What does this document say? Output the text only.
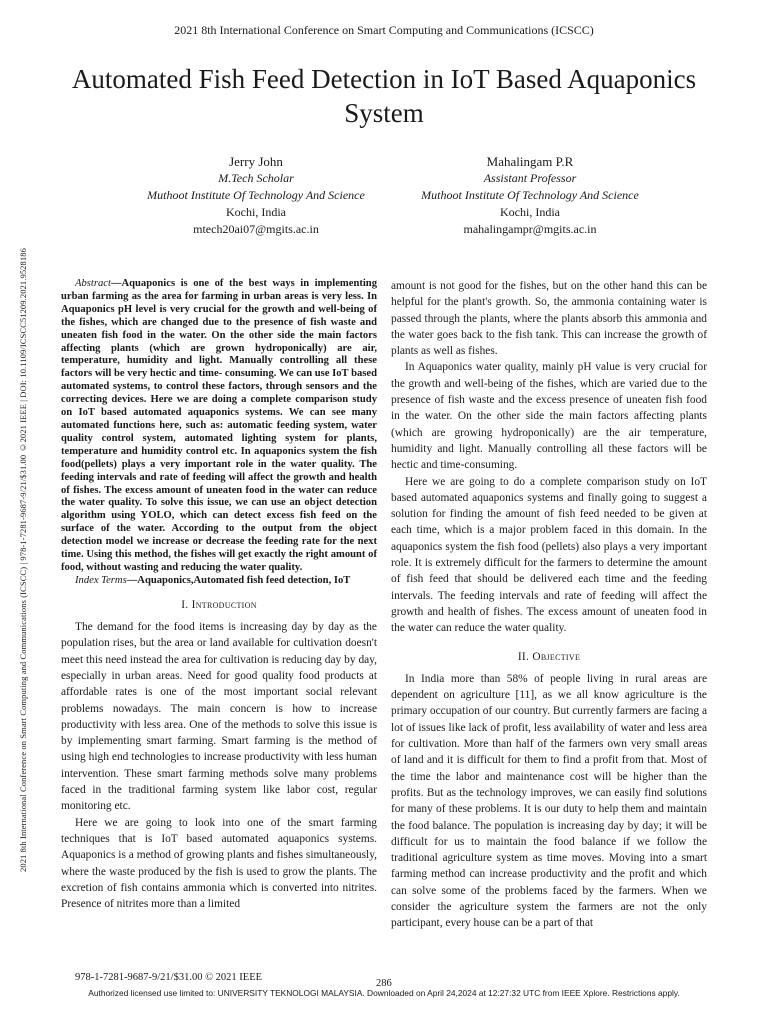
2021 8th International Conference on Smart Computing and Communications (ICSCC)
Automated Fish Feed Detection in IoT Based Aquaponics System
2021 8th International Conference on Smart Computing and Communications (ICSCC) | 978-1-7281-9687-9/21/$31.00 ©2021 IEEE | DOI: 10.1109/ICSCC51209.2021.9528186
Jerry John
M.Tech Scholar
Muthoot Institute Of Technology And Science
Kochi, India
mtech20ai07@mgits.ac.in
Mahalingam P.R
Assistant Professor
Muthoot Institute Of Technology And Science
Kochi, India
mahalingampr@mgits.ac.in

Abstract—Aquaponics is one of the best ways in implementing urban farming as the area for farming in urban areas is very less. In Aquaponics pH level is very crucial for the growth and well-being of the fishes, which are changed due to the presence of fish waste and uneaten fish food in the water. On the other side the main factors affecting plants (which are grown hydroponically) are air, temperature, humidity and light. Manually controlling all these factors will be very hectic and time- consuming. We can use IoT based automated systems, to control these factors, through sensors and the correcting devices. Here we are doing a complete comparison study on IoT based automated aquaponics systems. We can see many automated functions here, such as: automatic feeding system, water quality control system, automated lighting system for plants, temperature and humidity control etc. In aquaponics system the fish food(pellets) plays a very important role in the water quality. The feeding intervals and rate of feeding will affect the growth and health of fishes. The excess amount of uneaten food in the water can reduce the water quality. To solve this issue, we can use an object detection algorithm using YOLO, which can detect excess fish feed on the surface of the water. According to the output from the object detection model we increase or decrease the feeding rate for the next time. Using this method, the fishes will get exactly the right amount of food, without wasting and reducing the water quality.

Index Terms—Aquaponics,Automated fish feed detection, IoT

I. Introduction

The demand for the food items is increasing day by day as the population rises, but the area or land available for cultivation doesn't meet this need instead the area for cultivation is reducing day by day, especially in urban areas. Need for good quality food products at affordable rates is one of the most important social relevant problems nowadays. The main concern is how to increase productivity with less area. One of the methods to solve this issue is by implementing smart farming. Smart farming is the method of using high end technologies to increase productivity with less human intervention. These smart farming methods solve many problems faced in the traditional farming system like labor cost, regular monitoring etc.

Here we are going to look into one of the smart farming techniques that is IoT based automated aquaponics systems. Aquaponics is a method of growing plants and fishes simultaneously, where the waste produced by the fish is used to grow the plants. The excretion of fish contains ammonia which is converted into nitrites. Presence of nitrites more than a limited

amount is not good for the fishes, but on the other hand this can be helpful for the plant's growth. So, the ammonia containing water is passed through the plants, where the plants absorb this ammonia and the water goes back to the fish tank. This can increase the growth of plants as well as fishes.

In Aquaponics water quality, mainly pH value is very crucial for the growth and well-being of the fishes, which are varied due to the presence of fish waste and the excess presence of uneaten fish food in the water. On the other side the main factors affecting plants (which are growing hydroponically) are the air temperature, humidity and light. Manually controlling all these factors will be hectic and time-consuming.

Here we are going to do a complete comparison study on IoT based automated aquaponics systems and finally going to suggest a solution for finding the amount of fish feed needed to be given at each time, which is a major problem faced in this domain. In the aquaponics system the fish food (pellets) also plays a very important role. It is extremely difficult for the farmers to determine the amount of fish feed that should be delivered each time and the feeding intervals. The feeding intervals and rate of feeding will affect the growth and health of fishes. The excess amount of uneaten food in the water can reduce the water quality.

II. Objective

In India more than 58% of people living in rural areas are dependent on agriculture [11], as we all know agriculture is the primary occupation of our country. But currently farmers are facing a lot of issues like lack of profit, less availability of water and less area for cultivation. More than half of the farmers own very small areas of land and it is difficult for them to find a profit from that. Most of the time the labor and maintenance cost will be higher than the profits. But as the technology improves, we can easily find solutions for many of these problems. It is our duty to help them and maintain the food balance. The population is increasing day by day; it will be difficult for us to maintain the food balance if we follow the traditional agriculture system as time moves. Moving into a smart farming method can increase productivity and the profit and which can solve some of the problems faced by the farmers. When we consider the agriculture system the farmers are not the only participant, every house can be a part of that

978-1-7281-9687-9/21/$31.00 © 2021 IEEE
286
Authorized licensed use limited to: UNIVERSITY TEKNOLOGI MALAYSIA. Downloaded on April 24,2024 at 12:27:32 UTC from IEEE Xplore. Restrictions apply.
